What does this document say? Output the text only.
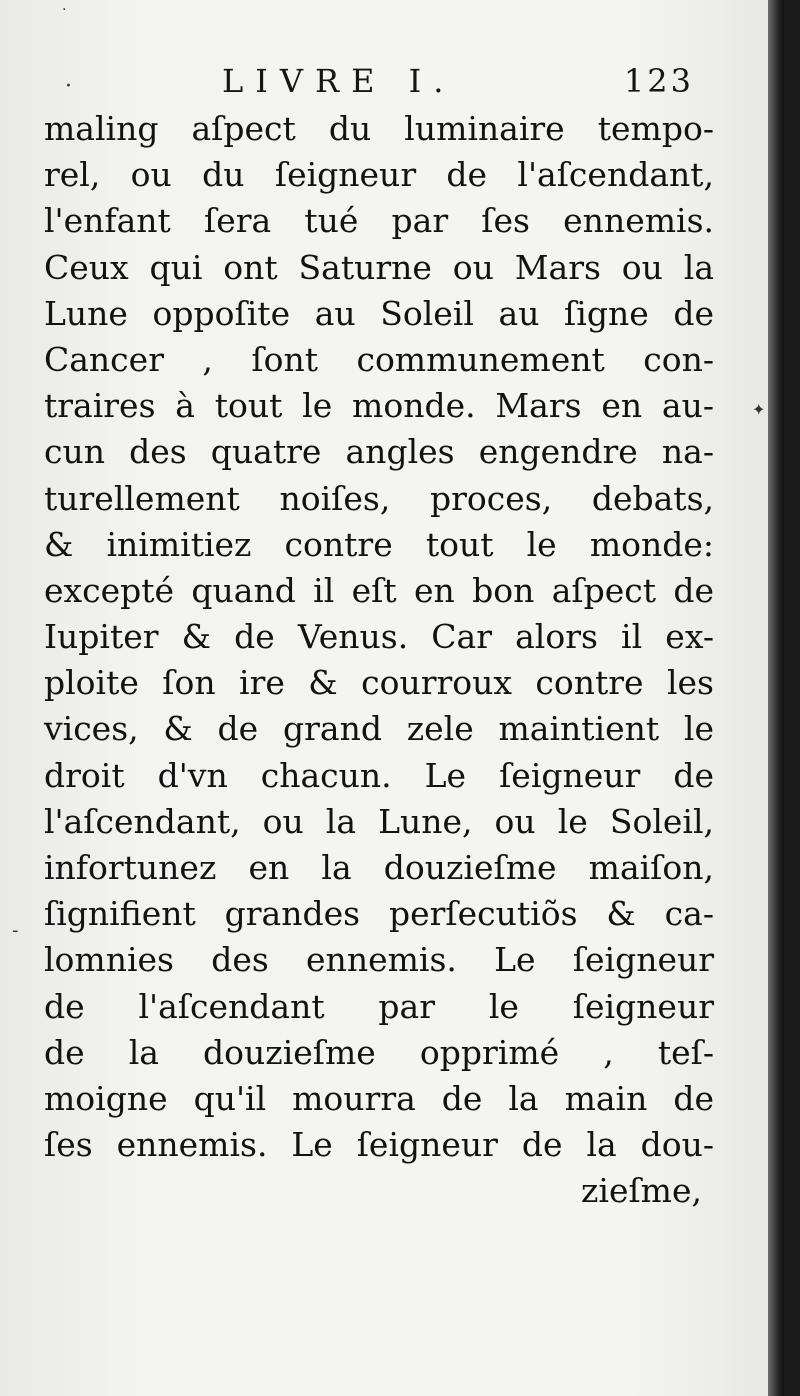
·	LIVRE I.	123
maling aſpect du luminaire tempo-
rel, ou du ſeigneur de l'aſcendant,
l'enfant ſera tué par ſes ennemis.
Ceux qui ont Saturne ou Mars ou la
Lune oppoſite au Soleil au ſigne de
Cancer , ſont communement con-
traires à tout le monde. Mars en au-
cun des quatre angles engendre na-
turellement noiſes, proces, debats,
& inimitiez contre tout le monde:
excepté quand il eſt en bon aſpect de
Iupiter & de Venus. Car alors il ex-
ploite ſon ire & courroux contre les
vices, & de grand zele maintient le
droit d'vn chacun. Le ſeigneur de
l'aſcendant, ou la Lune, ou le Soleil,
infortunez en la douzieſme maiſon,
ſignifient grandes perſecutiõs & ca-
lomnies des ennemis. Le ſeigneur
de l'aſcendant par le ſeigneur
de la douzieſme opprimé , teſ-
moigne qu'il mourra de la main de
ſes ennemis. Le ſeigneur de la dou-
zieſme,
·
✦
‑
